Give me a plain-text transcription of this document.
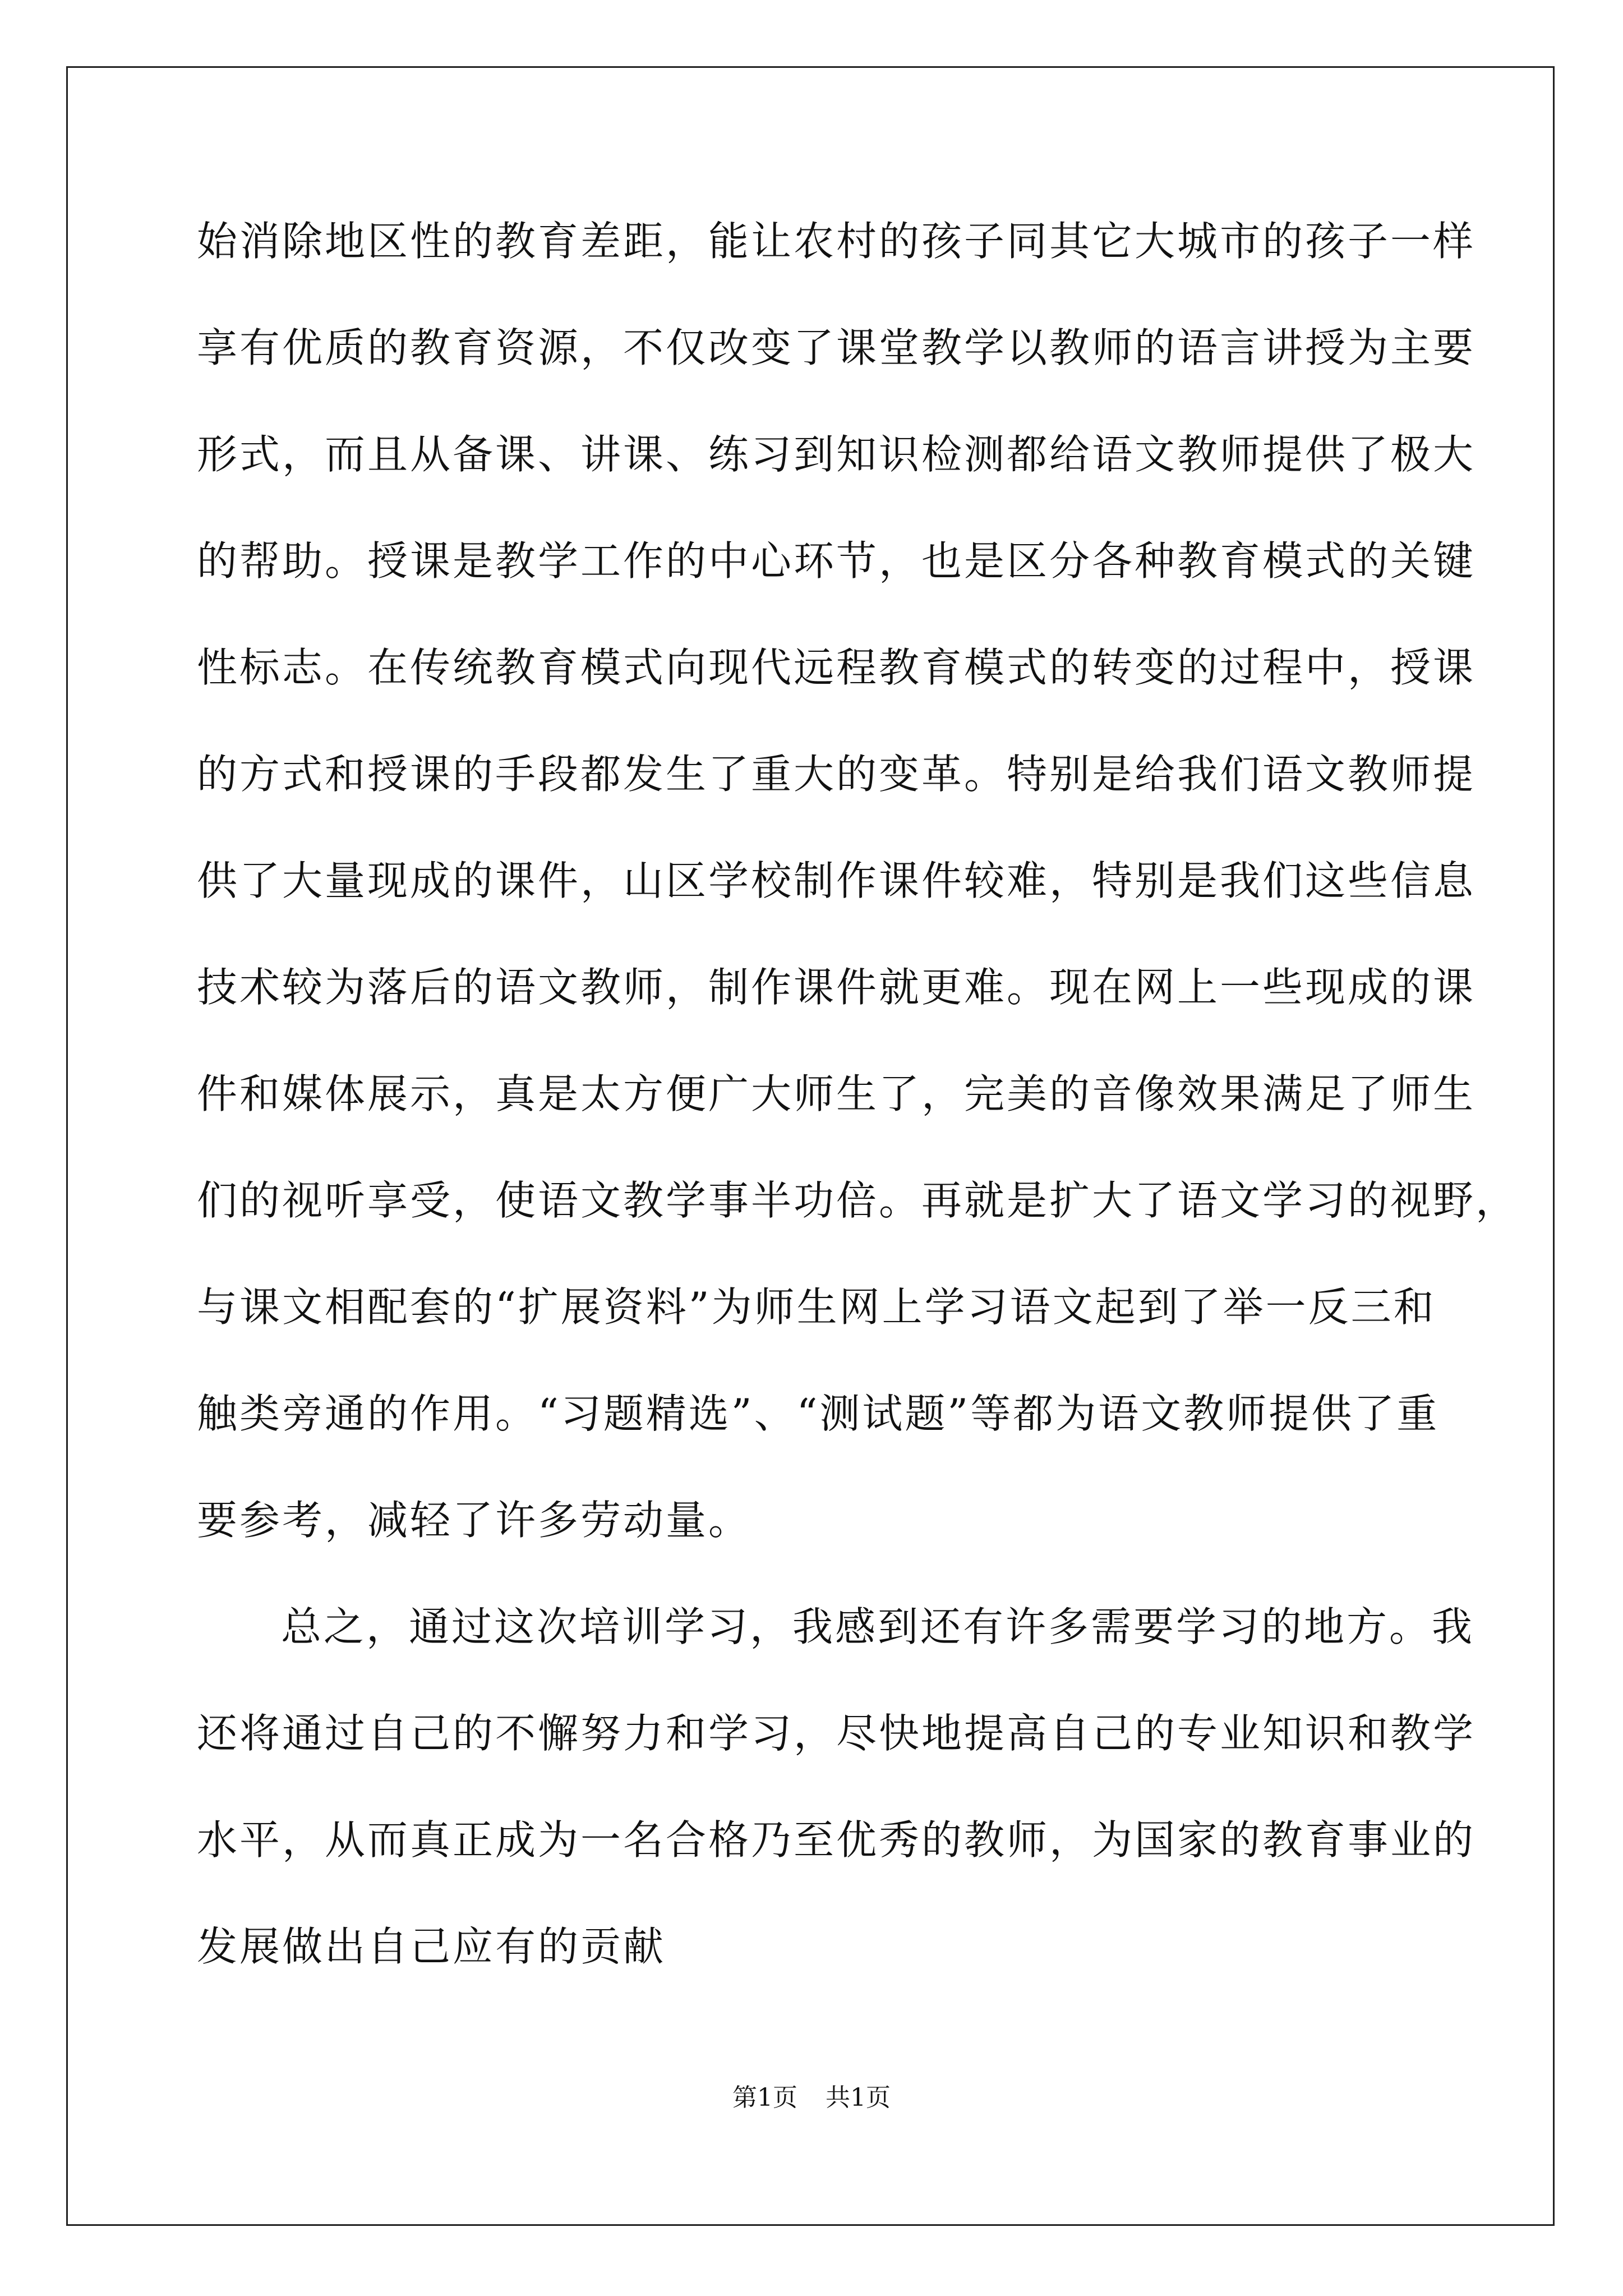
始消除地区性的教育差距，能让农村的孩子同其它大城市的孩子一样
享有优质的教育资源，不仅改变了课堂教学以教师的语言讲授为主要
形式，而且从备课、讲课、练习到知识检测都给语文教师提供了极大
的帮助。授课是教学工作的中心环节，也是区分各种教育模式的关键
性标志。在传统教育模式向现代远程教育模式的转变的过程中，授课
的方式和授课的手段都发生了重大的变革。特别是给我们语文教师提
供了大量现成的课件，山区学校制作课件较难，特别是我们这些信息
技术较为落后的语文教师，制作课件就更难。现在网上一些现成的课
件和媒体展示，真是太方便广大师生了，完美的音像效果满足了师生
们的视听享受，使语文教学事半功倍。再就是扩大了语文学习的视野，
与课文相配套的“扩展资料”为师生网上学习语文起到了举一反三和
触类旁通的作用。“习题精选”、“测试题”等都为语文教师提供了重
要参考，减轻了许多劳动量。
总之，通过这次培训学习，我感到还有许多需要学习的地方。我
还将通过自己的不懈努力和学习，尽快地提高自己的专业知识和教学
水平，从而真正成为一名合格乃至优秀的教师，为国家的教育事业的
发展做出自己应有的贡献
第1页 共1页
